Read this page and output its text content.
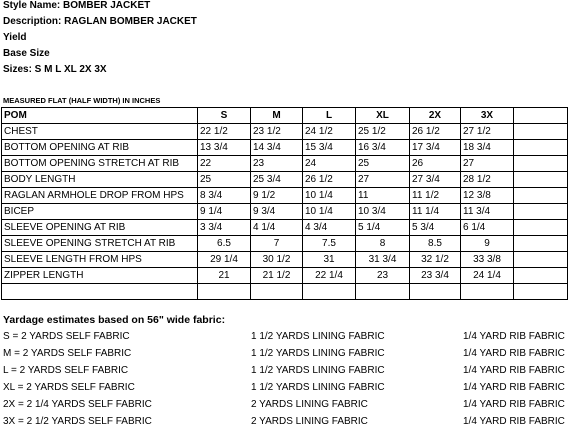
Style Name: BOMBER JACKET
Description: RAGLAN BOMBER JACKET
Yield
Base Size
Sizes: S M L XL 2X 3X
MEASURED FLAT (HALF WIDTH) IN INCHES
POM	S	M	L	XL	2X	3X	
CHEST	22 1/2	23 1/2	24 1/2	25 1/2	26 1/2	27 1/2	
BOTTOM OPENING AT RIB	13 3/4	14 3/4	15 3/4	16 3/4	17 3/4	18 3/4	
BOTTOM OPENING STRETCH AT RIB	22	23	24	25	26	27	
BODY LENGTH	25	25 3/4	26 1/2	27	27 3/4	28 1/2	
RAGLAN ARMHOLE DROP FROM HPS	8 3/4	9 1/2	10 1/4	11	11 1/2	12 3/8	
BICEP	9 1/4	9 3/4	10 1/4	10 3/4	11 1/4	11 3/4	
SLEEVE OPENING AT RIB	3 3/4	4 1/4	4 3/4	5 1/4	5 3/4	6 1/4	
SLEEVE OPENING STRETCH AT RIB	6.5	7	7.5	8	8.5	9	
SLEEVE LENGTH FROM HPS	29 1/4	30 1/2	31	31 3/4	32 1/2	33 3/8	
ZIPPER LENGTH	21	21 1/2	22 1/4	23	23 3/4	24 1/4	

Yardage estimates based on 56" wide fabric:
S = 2 YARDS SELF FABRIC	1 1/2 YARDS LINING FABRIC	1/4 YARD RIB FABRIC
M = 2 YARDS SELF FABRIC	1 1/2 YARDS LINING FABRIC	1/4 YARD RIB FABRIC
L = 2 YARDS SELF FABRIC	1 1/2 YARDS LINING FABRIC	1/4 YARD RIB FABRIC
XL = 2 YARDS SELF FABRIC	1 1/2 YARDS LINING FABRIC	1/4 YARD RIB FABRIC
2X = 2 1/4 YARDS SELF FABRIC	2 YARDS LINING FABRIC	1/4 YARD RIB FABRIC
3X = 2 1/2 YARDS SELF FABRIC	2 YARDS LINING FABRIC	1/4 YARD RIB FABRIC
